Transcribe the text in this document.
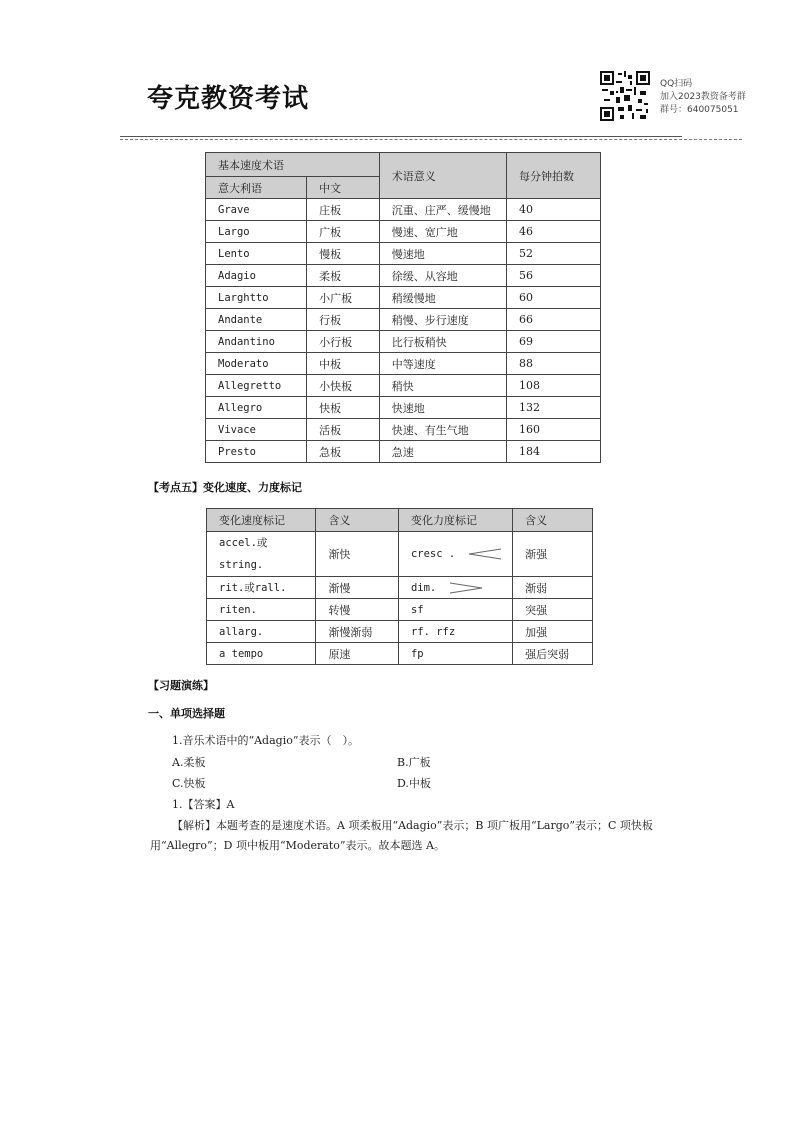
夸克教资考试	QQ扫码
加入2023教资备考群
群号：640075051
基本速度术语		术语意义	每分钟拍数
意大利语	中文		
Grave	庄板	沉重、庄严、缓慢地	40
Largo	广板	慢速、宽广地	46
Lento	慢板	慢速地	52
Adagio	柔板	徐缓、从容地	56
Larghtto	小广板	稍缓慢地	60
Andante	行板	稍慢、步行速度	66
Andantino	小行板	比行板稍快	69
Moderato	中板	中等速度	88
Allegretto	小快板	稍快	108
Allegro	快板	快速地	132
Vivace	活板	快速、有生气地	160
Presto	急板	急速	184
【考点五】变化速度、力度标记
变化速度标记	含义	变化力度标记	含义

accel.或
string.	渐快	cresc .	渐强
rit.或rall.	渐慢	dim.	渐弱
riten.	转慢	sf	突强
allarg.	渐慢渐弱	rf. rfz	加强
a tempo	原速	fp	强后突弱
【习题演练】
一、单项选择题
1.音乐术语中的“Adagio”表示（　）。
A.柔板	B.广板
C.快板	D.中板
1.【答案】A
【解析】本题考查的是速度术语。A 项柔板用“Adagio”表示；B 项广板用“Largo”表示；C 项快板
用“Allegro”；D 项中板用“Moderato”表示。故本题选 A。
